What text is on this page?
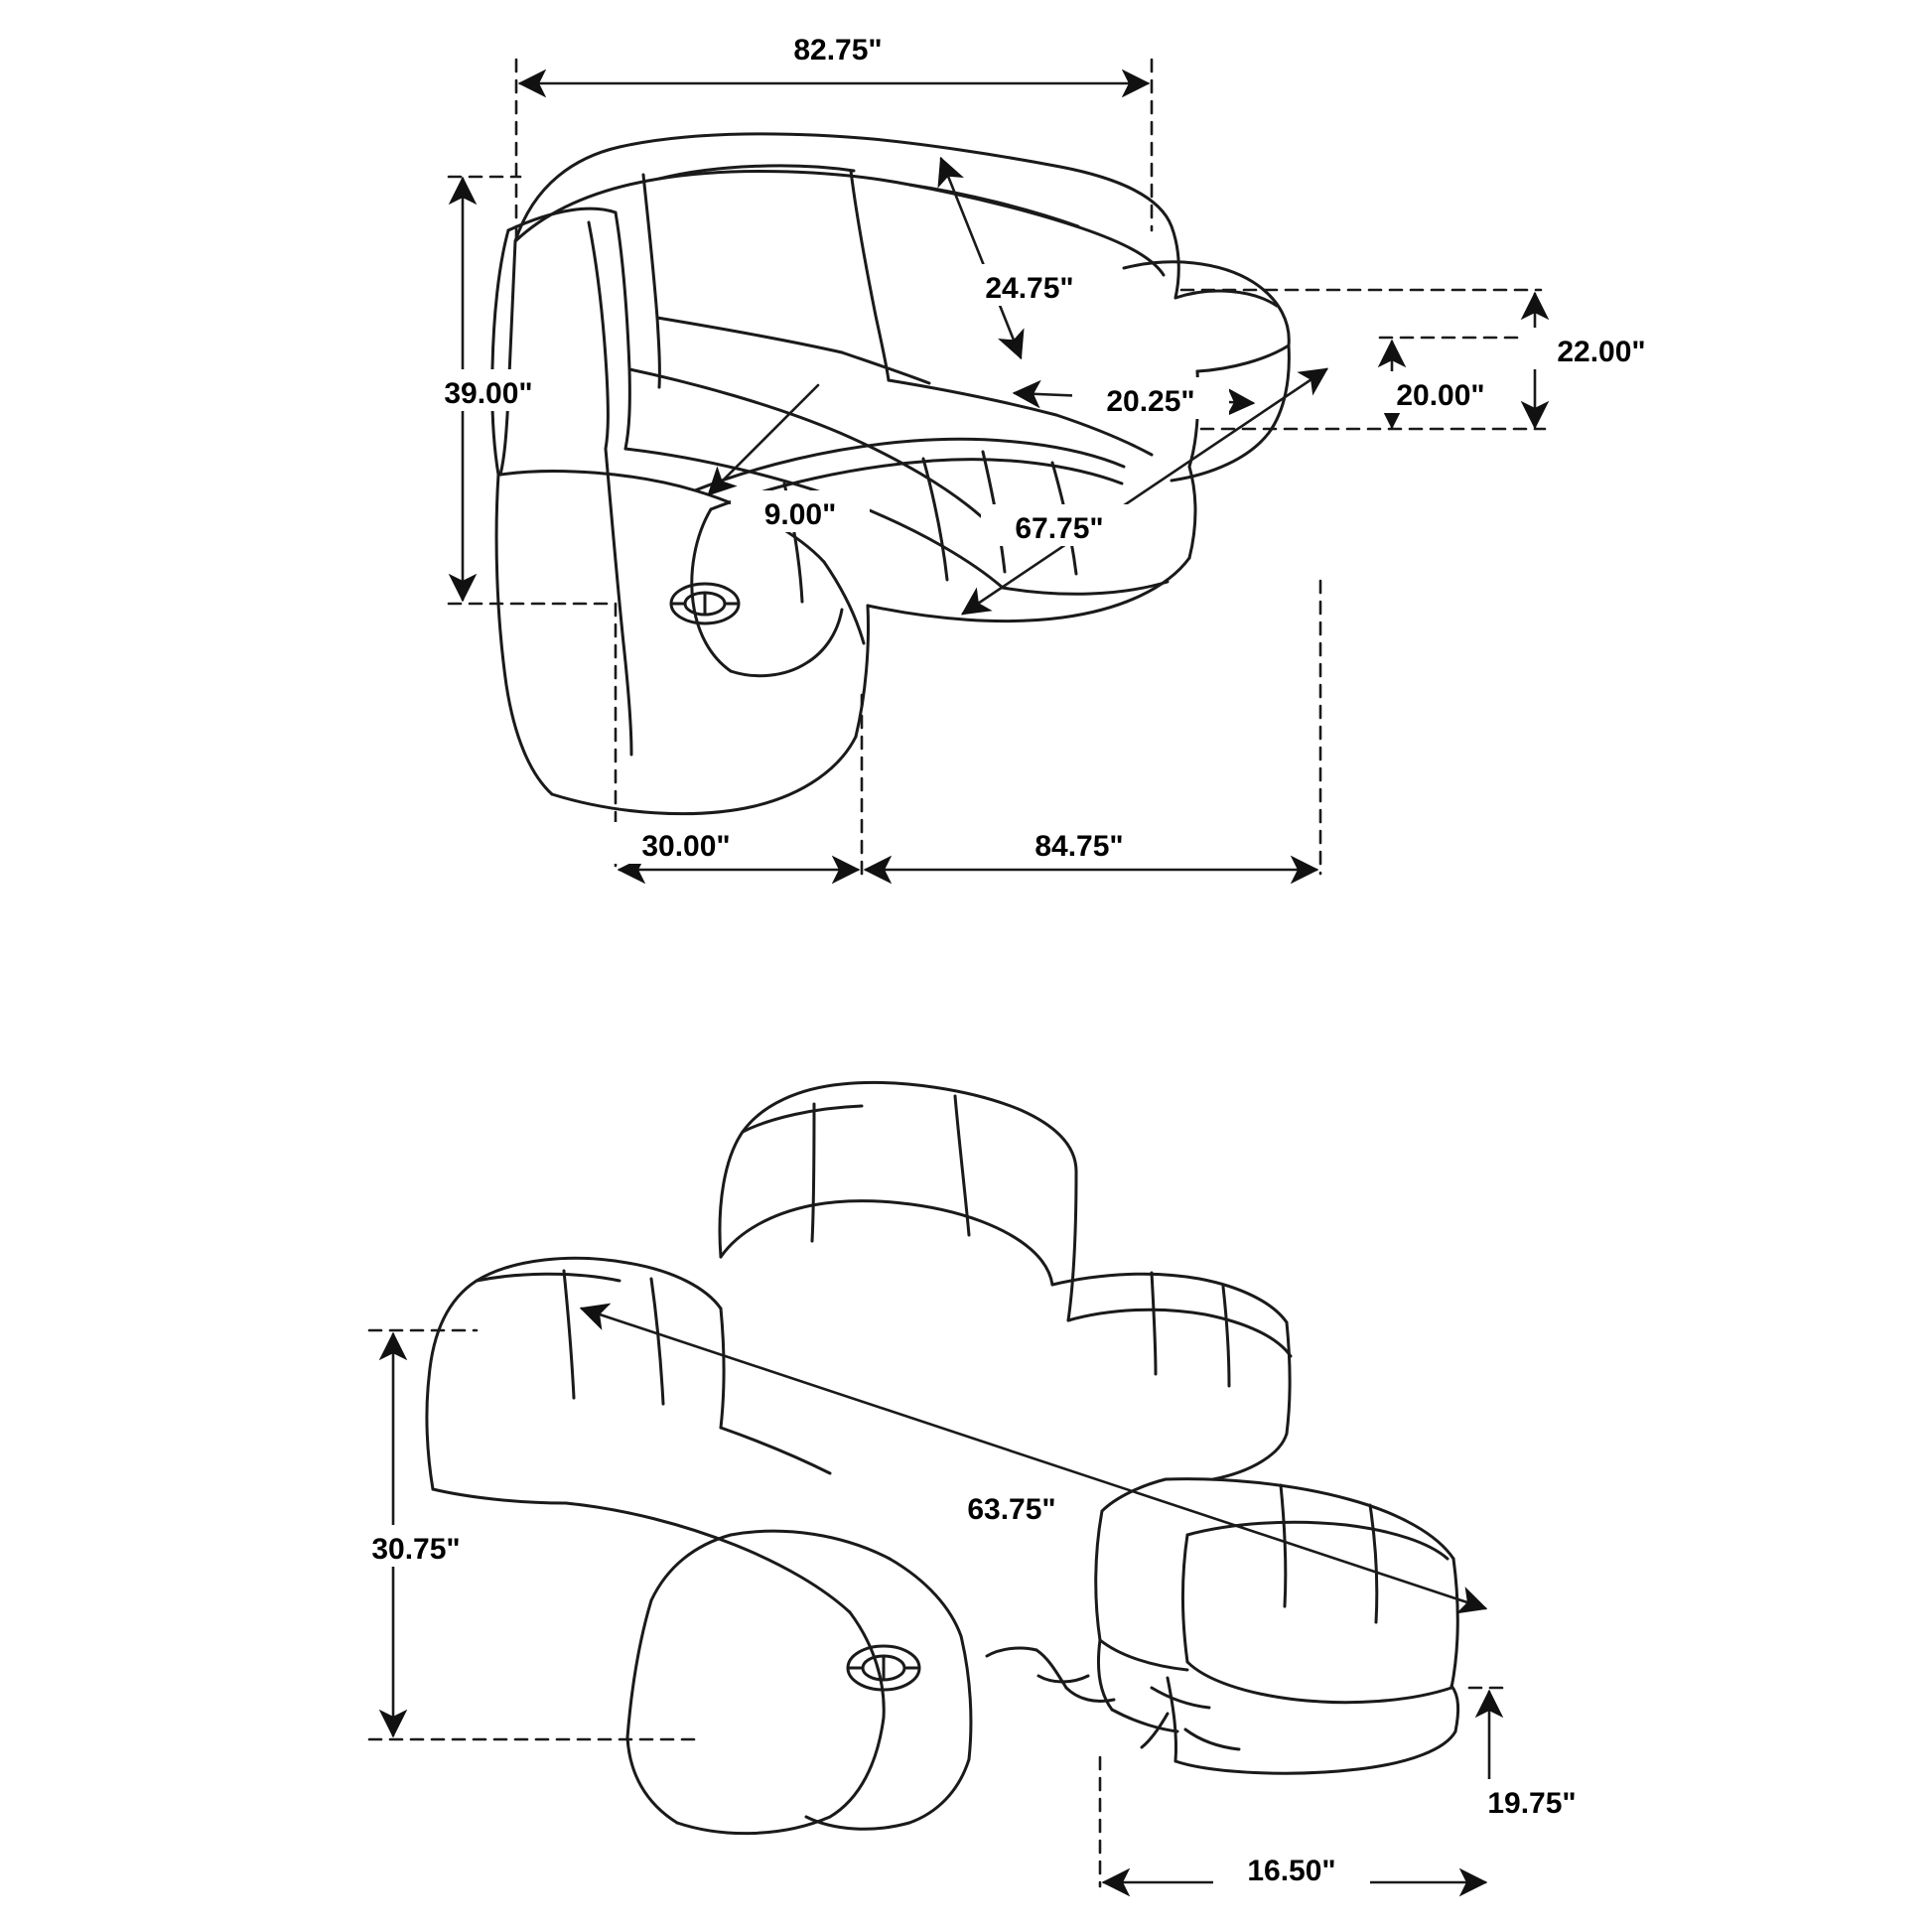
82.75"
39.00"
24.75"
20.25"
22.00"
20.00"
9.00"	67.75"
30.00"	84.75"
30.75"
63.75"
19.75"
16.50"
